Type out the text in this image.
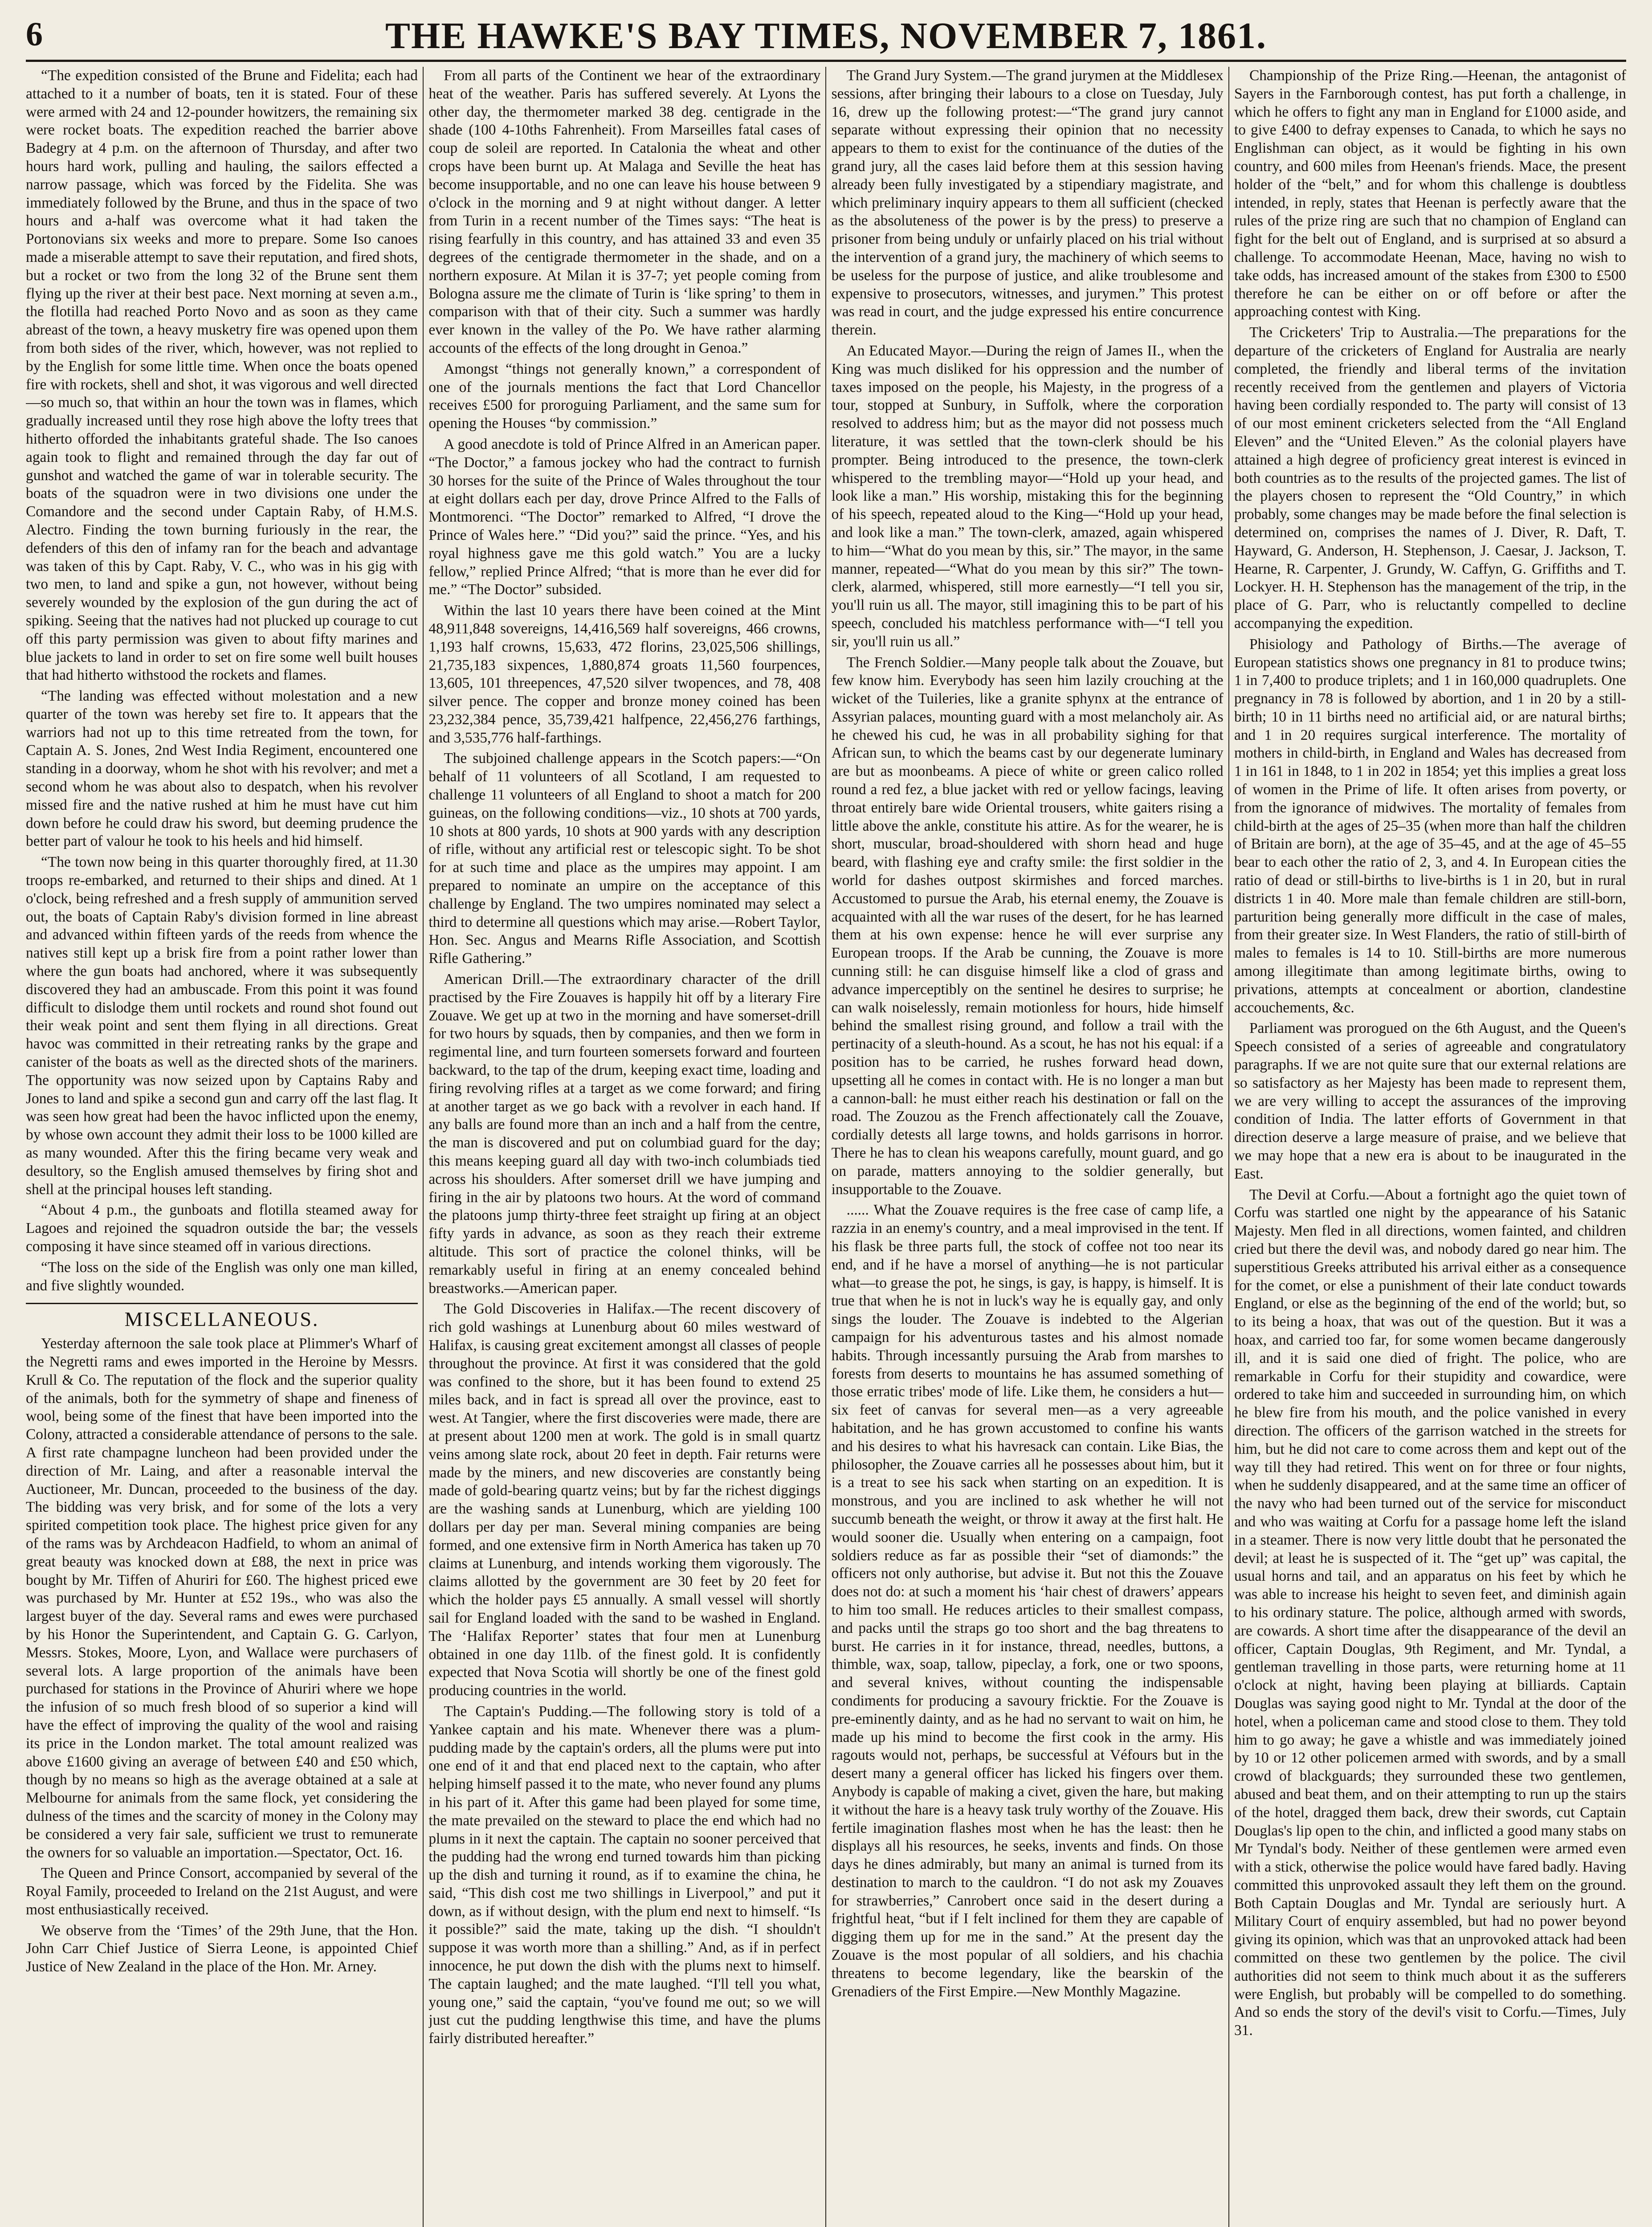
6	THE HAWKE'S BAY TIMES, NOVEMBER 7, 1861.

“The expedition consisted of the Brune and Fidelita; each had attached to it a number of boats, ten it is stated. Four of these were armed with 24 and 12-pounder howitzers, the remaining six were rocket boats. The expedition reached the barrier above Badegry at 4 p.m. on the afternoon of Thursday, and after two hours hard work, pulling and hauling, the sailors effected a narrow passage, which was forced by the Fidelita. She was immediately followed by the Brune, and thus in the space of two hours and a-half was overcome what it had taken the Portonovians six weeks and more to prepare. Some Iso canoes made a miserable attempt to save their reputation, and fired shots, but a rocket or two from the long 32 of the Brune sent them flying up the river at their best pace. Next morning at seven a.m., the flotilla had reached Porto Novo and as soon as they came abreast of the town, a heavy musketry fire was opened upon them from both sides of the river, which, however, was not replied to by the English for some little time. When once the boats opened fire with rockets, shell and shot, it was vigorous and well directed—so much so, that within an hour the town was in flames, which gradually increased until they rose high above the lofty trees that hitherto offorded the inhabitants grateful shade. The Iso canoes again took to flight and remained through the day far out of gunshot and watched the game of war in tolerable security. The boats of the squadron were in two divisions one under the Comandore and the second under Captain Raby, of H.M.S. Alectro. Finding the town burning furiously in the rear, the defenders of this den of infamy ran for the beach and advantage was taken of this by Capt. Raby, V. C., who was in his gig with two men, to land and spike a gun, not however, without being severely wounded by the explosion of the gun during the act of spiking. Seeing that the natives had not plucked up courage to cut off this party permission was given to about fifty marines and blue jackets to land in order to set on fire some well built houses that had hitherto withstood the rockets and flames.

“The landing was effected without molestation and a new quarter of the town was hereby set fire to. It appears that the warriors had not up to this time retreated from the town, for Captain A. S. Jones, 2nd West India Regiment, encountered one standing in a doorway, whom he shot with his revolver; and met a second whom he was about also to despatch, when his revolver missed fire and the native rushed at him he must have cut him down before he could draw his sword, but deeming prudence the better part of valour he took to his heels and hid himself.

“The town now being in this quarter thoroughly fired, at 11.30 troops re-embarked, and returned to their ships and dined. At 1 o'clock, being refreshed and a fresh supply of ammunition served out, the boats of Captain Raby's division formed in line abreast and advanced within fifteen yards of the reeds from whence the natives still kept up a brisk fire from a point rather lower than where the gun boats had anchored, where it was subsequently discovered they had an ambuscade. From this point it was found difficult to dislodge them until rockets and round shot found out their weak point and sent them flying in all directions. Great havoc was committed in their retreating ranks by the grape and canister of the boats as well as the directed shots of the mariners. The opportunity was now seized upon by Captains Raby and Jones to land and spike a second gun and carry off the last flag. It was seen how great had been the havoc inflicted upon the enemy, by whose own account they admit their loss to be 1000 killed are as many wounded. After this the firing became very weak and desultory, so the English amused themselves by firing shot and shell at the principal houses left standing.

“About 4 p.m., the gunboats and flotilla steamed away for Lagoes and rejoined the squadron outside the bar; the vessels composing it have since steamed off in various directions.

“The loss on the side of the English was only one man killed, and five slightly wounded.

MISCELLANEOUS.

Yesterday afternoon the sale took place at Plimmer's Wharf of the Negretti rams and ewes imported in the Heroine by Messrs. Krull & Co. The reputation of the flock and the superior quality of the animals, both for the symmetry of shape and fineness of wool, being some of the finest that have been imported into the Colony, attracted a considerable attendance of persons to the sale. A first rate champagne luncheon had been provided under the direction of Mr. Laing, and after a reasonable interval the Auctioneer, Mr. Duncan, proceeded to the business of the day. The bidding was very brisk, and for some of the lots a very spirited competition took place. The highest price given for any of the rams was by Archdeacon Hadfield, to whom an animal of great beauty was knocked down at £88, the next in price was bought by Mr. Tiffen of Ahuriri for £60. The highest priced ewe was purchased by Mr. Hunter at £52 19s., who was also the largest buyer of the day. Several rams and ewes were purchased by his Honor the Superintendent, and Captain G. G. Carlyon, Messrs. Stokes, Moore, Lyon, and Wallace were purchasers of several lots. A large proportion of the animals have been purchased for stations in the Province of Ahuriri where we hope the infusion of so much fresh blood of so superior a kind will have the effect of improving the quality of the wool and raising its price in the London market. The total amount realized was above £1600 giving an average of between £40 and £50 which, though by no means so high as the average obtained at a sale at Melbourne for animals from the same flock, yet considering the dulness of the times and the scarcity of money in the Colony may be considered a very fair sale, sufficient we trust to remunerate the owners for so valuable an importation.—Spectator, Oct. 16.

The Queen and Prince Consort, accompanied by several of the Royal Family, proceeded to Ireland on the 21st August, and were most enthusiastically received.

We observe from the ‘Times’ of the 29th June, that the Hon. John Carr Chief Justice of Sierra Leone, is appointed Chief Justice of New Zealand in the place of the Hon. Mr. Arney.

From all parts of the Continent we hear of the extraordinary heat of the weather. Paris has suffered severely. At Lyons the other day, the thermometer marked 38 deg. centigrade in the shade (100 4-10ths Fahrenheit). From Marseilles fatal cases of coup de soleil are reported. In Catalonia the wheat and other crops have been burnt up. At Malaga and Seville the heat has become insupportable, and no one can leave his house between 9 o'clock in the morning and 9 at night without danger. A letter from Turin in a recent number of the Times says: “The heat is rising fearfully in this country, and has attained 33 and even 35 degrees of the centigrade thermometer in the shade, and on a northern exposure. At Milan it is 37-7; yet people coming from Bologna assure me the climate of Turin is ‘like spring’ to them in comparison with that of their city. Such a summer was hardly ever known in the valley of the Po. We have rather alarming accounts of the effects of the long drought in Genoa.”

Amongst “things not generally known,” a correspondent of one of the journals mentions the fact that Lord Chancellor receives £500 for proroguing Parliament, and the same sum for opening the Houses “by commission.”

A good anecdote is told of Prince Alfred in an American paper. “The Doctor,” a famous jockey who had the contract to furnish 30 horses for the suite of the Prince of Wales throughout the tour at eight dollars each per day, drove Prince Alfred to the Falls of Montmorenci. “The Doctor” remarked to Alfred, “I drove the Prince of Wales here.” “Did you?” said the prince. “Yes, and his royal highness gave me this gold watch.” You are a lucky fellow,” replied Prince Alfred; “that is more than he ever did for me.” “The Doctor” subsided.

Within the last 10 years there have been coined at the Mint 48,911,848 sovereigns, 14,416,569 half sovereigns, 466 crowns, 1,193 half crowns, 15,633, 472 florins, 23,025,506 shillings, 21,735,183 sixpences, 1,880,874 groats 11,560 fourpences, 13,605, 101 threepences, 47,520 silver twopences, and 78, 408 silver pence. The copper and bronze money coined has been 23,232,384 pence, 35,739,421 halfpence, 22,456,276 farthings, and 3,535,776 half-farthings.

The subjoined challenge appears in the Scotch papers:—“On behalf of 11 volunteers of all Scotland, I am requested to challenge 11 volunteers of all England to shoot a match for 200 guineas, on the following conditions—viz., 10 shots at 700 yards, 10 shots at 800 yards, 10 shots at 900 yards with any description of rifle, without any artificial rest or telescopic sight. To be shot for at such time and place as the umpires may appoint. I am prepared to nominate an umpire on the acceptance of this challenge by England. The two umpires nominated may select a third to determine all questions which may arise.—Robert Taylor, Hon. Sec. Angus and Mearns Rifle Association, and Scottish Rifle Gathering.”

American Drill.—The extraordinary character of the drill practised by the Fire Zouaves is happily hit off by a literary Fire Zouave. We get up at two in the morning and have somerset-drill for two hours by squads, then by companies, and then we form in regimental line, and turn fourteen somersets forward and fourteen backward, to the tap of the drum, keeping exact time, loading and firing revolving rifles at a target as we come forward; and firing at another target as we go back with a revolver in each hand. If any balls are found more than an inch and a half from the centre, the man is discovered and put on columbiad guard for the day; this means keeping guard all day with two-inch columbiads tied across his shoulders. After somerset drill we have jumping and firing in the air by platoons two hours. At the word of command the platoons jump thirty-three feet straight up firing at an object fifty yards in advance, as soon as they reach their extreme altitude. This sort of practice the colonel thinks, will be remarkably useful in firing at an enemy concealed behind breastworks.—American paper.

The Gold Discoveries in Halifax.—The recent discovery of rich gold washings at Lunenburg about 60 miles westward of Halifax, is causing great excitement amongst all classes of people throughout the province. At first it was considered that the gold was confined to the shore, but it has been found to extend 25 miles back, and in fact is spread all over the province, east to west. At Tangier, where the first discoveries were made, there are at present about 1200 men at work. The gold is in small quartz veins among slate rock, about 20 feet in depth. Fair returns were made by the miners, and new discoveries are constantly being made of gold-bearing quartz veins; but by far the richest diggings are the washing sands at Lunenburg, which are yielding 100 dollars per day per man. Several mining companies are being formed, and one extensive firm in North America has taken up 70 claims at Lunenburg, and intends working them vigorously. The claims allotted by the government are 30 feet by 20 feet for which the holder pays £5 annually. A small vessel will shortly sail for England loaded with the sand to be washed in England. The ‘Halifax Reporter’ states that four men at Lunenburg obtained in one day 11lb. of the finest gold. It is confidently expected that Nova Scotia will shortly be one of the finest gold producing countries in the world.

The Captain's Pudding.—The following story is told of a Yankee captain and his mate. Whenever there was a plum-pudding made by the captain's orders, all the plums were put into one end of it and that end placed next to the captain, who after helping himself passed it to the mate, who never found any plums in his part of it. After this game had been played for some time, the mate prevailed on the steward to place the end which had no plums in it next the captain. The captain no sooner perceived that the pudding had the wrong end turned towards him than picking up the dish and turning it round, as if to examine the china, he said, “This dish cost me two shillings in Liverpool,” and put it down, as if without design, with the plum end next to himself. “Is it possible?” said the mate, taking up the dish. “I shouldn't suppose it was worth more than a shilling.” And, as if in perfect innocence, he put down the dish with the plums next to himself. The captain laughed; and the mate laughed. “I'll tell you what, young one,” said the captain, “you've found me out; so we will just cut the pudding lengthwise this time, and have the plums fairly distributed hereafter.”

The Grand Jury System.—The grand jurymen at the Middlesex sessions, after bringing their labours to a close on Tuesday, July 16, drew up the following protest:—“The grand jury cannot separate without expressing their opinion that no necessity appears to them to exist for the continuance of the duties of the grand jury, all the cases laid before them at this session having already been fully investigated by a stipendiary magistrate, and which preliminary inquiry appears to them all sufficient (checked as the absoluteness of the power is by the press) to preserve a prisoner from being unduly or unfairly placed on his trial without the intervention of a grand jury, the machinery of which seems to be useless for the purpose of justice, and alike troublesome and expensive to prosecutors, witnesses, and jurymen.” This protest was read in court, and the judge expressed his entire concurrence therein.

An Educated Mayor.—During the reign of James II., when the King was much disliked for his oppression and the number of taxes imposed on the people, his Majesty, in the progress of a tour, stopped at Sunbury, in Suffolk, where the corporation resolved to address him; but as the mayor did not possess much literature, it was settled that the town-clerk should be his prompter. Being introduced to the presence, the town-clerk whispered to the trembling mayor—“Hold up your head, and look like a man.” His worship, mistaking this for the beginning of his speech, repeated aloud to the King—“Hold up your head, and look like a man.” The town-clerk, amazed, again whispered to him—“What do you mean by this, sir.” The mayor, in the same manner, repeated—“What do you mean by this sir?” The town-clerk, alarmed, whispered, still more earnestly—“I tell you sir, you'll ruin us all. The mayor, still imagining this to be part of his speech, concluded his matchless performance with—“I tell you sir, you'll ruin us all.”

The French Soldier.—Many people talk about the Zouave, but few know him. Everybody has seen him lazily crouching at the wicket of the Tuileries, like a granite sphynx at the entrance of Assyrian palaces, mounting guard with a most melancholy air. As he chewed his cud, he was in all probability sighing for that African sun, to which the beams cast by our degenerate luminary are but as moonbeams. A piece of white or green calico rolled round a red fez, a blue jacket with red or yellow facings, leaving throat entirely bare wide Oriental trousers, white gaiters rising a little above the ankle, constitute his attire. As for the wearer, he is short, muscular, broad-shouldered with shorn head and huge beard, with flashing eye and crafty smile: the first soldier in the world for dashes outpost skirmishes and forced marches. Accustomed to pursue the Arab, his eternal enemy, the Zouave is acquainted with all the war ruses of the desert, for he has learned them at his own expense: hence he will ever surprise any European troops. If the Arab be cunning, the Zouave is more cunning still: he can disguise himself like a clod of grass and advance imperceptibly on the sentinel he desires to surprise; he can walk noiselessly, remain motionless for hours, hide himself behind the smallest rising ground, and follow a trail with the pertinacity of a sleuth-hound. As a scout, he has not his equal: if a position has to be carried, he rushes forward head down, upsetting all he comes in contact with. He is no longer a man but a cannon-ball: he must either reach his destination or fall on the road. The Zouzou as the French affectionately call the Zouave, cordially detests all large towns, and holds garrisons in horror. There he has to clean his weapons carefully, mount guard, and go on parade, matters annoying to the soldier generally, but insupportable to the Zouave.

...... What the Zouave requires is the free case of camp life, a razzia in an enemy's country, and a meal improvised in the tent. If his flask be three parts full, the stock of coffee not too near its end, and if he have a morsel of anything—he is not particular what—to grease the pot, he sings, is gay, is happy, is himself. It is true that when he is not in luck's way he is equally gay, and only sings the louder. The Zouave is indebted to the Algerian campaign for his adventurous tastes and his almost nomade habits. Through incessantly pursuing the Arab from marshes to forests from deserts to mountains he has assumed something of those erratic tribes' mode of life. Like them, he considers a hut—six feet of canvas for several men—as a very agreeable habitation, and he has grown accustomed to confine his wants and his desires to what his havresack can contain. Like Bias, the philosopher, the Zouave carries all he possesses about him, but it is a treat to see his sack when starting on an expedition. It is monstrous, and you are inclined to ask whether he will not succumb beneath the weight, or throw it away at the first halt. He would sooner die. Usually when entering on a campaign, foot soldiers reduce as far as possible their “set of diamonds:” the officers not only authorise, but advise it. But not this the Zouave does not do: at such a moment his ‘hair chest of drawers’ appears to him too small. He reduces articles to their smallest compass, and packs until the straps go too short and the bag threatens to burst. He carries in it for instance, thread, needles, buttons, a thimble, wax, soap, tallow, pipeclay, a fork, one or two spoons, and several knives, without counting the indispensable condiments for producing a savoury fricktie. For the Zouave is pre-eminently dainty, and as he had no servant to wait on him, he made up his mind to become the first cook in the army. His ragouts would not, perhaps, be successful at Véfours but in the desert many a general officer has licked his fingers over them. Anybody is capable of making a civet, given the hare, but making it without the hare is a heavy task truly worthy of the Zouave. His fertile imagination flashes most when he has the least: then he displays all his resources, he seeks, invents and finds. On those days he dines admirably, but many an animal is turned from its destination to march to the cauldron. “I do not ask my Zouaves for strawberries,” Canrobert once said in the desert during a frightful heat, “but if I felt inclined for them they are capable of digging them up for me in the sand.” At the present day the Zouave is the most popular of all soldiers, and his chachia threatens to become legendary, like the bearskin of the Grenadiers of the First Empire.—New Monthly Magazine.

Championship of the Prize Ring.—Heenan, the antagonist of Sayers in the Farnborough contest, has put forth a challenge, in which he offers to fight any man in England for £1000 aside, and to give £400 to defray expenses to Canada, to which he says no Englishman can object, as it would be fighting in his own country, and 600 miles from Heenan's friends. Mace, the present holder of the “belt,” and for whom this challenge is doubtless intended, in reply, states that Heenan is perfectly aware that the rules of the prize ring are such that no champion of England can fight for the belt out of England, and is surprised at so absurd a challenge. To accommodate Heenan, Mace, having no wish to take odds, has increased amount of the stakes from £300 to £500 therefore he can be either on or off before or after the approaching contest with King.

The Cricketers' Trip to Australia.—The preparations for the departure of the cricketers of England for Australia are nearly completed, the friendly and liberal terms of the invitation recently received from the gentlemen and players of Victoria having been cordially responded to. The party will consist of 13 of our most eminent cricketers selected from the “All England Eleven” and the “United Eleven.” As the colonial players have attained a high degree of proficiency great interest is evinced in both countries as to the results of the projected games. The list of the players chosen to represent the “Old Country,” in which probably, some changes may be made before the final selection is determined on, comprises the names of J. Diver, R. Daft, T. Hayward, G. Anderson, H. Stephenson, J. Caesar, J. Jackson, T. Hearne, R. Carpenter, J. Grundy, W. Caffyn, G. Griffiths and T. Lockyer. H. H. Stephenson has the management of the trip, in the place of G. Parr, who is reluctantly compelled to decline accompanying the expedition.

Phisiology and Pathology of Births.—The average of European statistics shows one pregnancy in 81 to produce twins; 1 in 7,400 to produce triplets; and 1 in 160,000 quadruplets. One pregnancy in 78 is followed by abortion, and 1 in 20 by a still-birth; 10 in 11 births need no artificial aid, or are natural births; and 1 in 20 requires surgical interference. The mortality of mothers in child-birth, in England and Wales has decreased from 1 in 161 in 1848, to 1 in 202 in 1854; yet this implies a great loss of women in the Prime of life. It often arises from poverty, or from the ignorance of midwives. The mortality of females from child-birth at the ages of 25–35 (when more than half the children of Britain are born), at the age of 35–45, and at the age of 45–55 bear to each other the ratio of 2, 3, and 4. In European cities the ratio of dead or still-births to live-births is 1 in 20, but in rural districts 1 in 40. More male than female children are still-born, parturition being generally more difficult in the case of males, from their greater size. In West Flanders, the ratio of still-birth of males to females is 14 to 10. Still-births are more numerous among illegitimate than among legitimate births, owing to privations, attempts at concealment or abortion, clandestine accouchements, &c.

Parliament was prorogued on the 6th August, and the Queen's Speech consisted of a series of agreeable and congratulatory paragraphs. If we are not quite sure that our external relations are so satisfactory as her Majesty has been made to represent them, we are very willing to accept the assurances of the improving condition of India. The latter efforts of Government in that direction deserve a large measure of praise, and we believe that we may hope that a new era is about to be inaugurated in the East.

The Devil at Corfu.—About a fortnight ago the quiet town of Corfu was startled one night by the appearance of his Satanic Majesty. Men fled in all directions, women fainted, and children cried but there the devil was, and nobody dared go near him. The superstitious Greeks attributed his arrival either as a consequence for the comet, or else a punishment of their late conduct towards England, or else as the beginning of the end of the world; but, so to its being a hoax, that was out of the question. But it was a hoax, and carried too far, for some women became dangerously ill, and it is said one died of fright. The police, who are remarkable in Corfu for their stupidity and cowardice, were ordered to take him and succeeded in surrounding him, on which he blew fire from his mouth, and the police vanished in every direction. The officers of the garrison watched in the streets for him, but he did not care to come across them and kept out of the way till they had retired. This went on for three or four nights, when he suddenly disappeared, and at the same time an officer of the navy who had been turned out of the service for misconduct and who was waiting at Corfu for a passage home left the island in a steamer. There is now very little doubt that he personated the devil; at least he is suspected of it. The “get up” was capital, the usual horns and tail, and an apparatus on his feet by which he was able to increase his height to seven feet, and diminish again to his ordinary stature. The police, although armed with swords, are cowards. A short time after the disappearance of the devil an officer, Captain Douglas, 9th Regiment, and Mr. Tyndal, a gentleman travelling in those parts, were returning home at 11 o'clock at night, having been playing at billiards. Captain Douglas was saying good night to Mr. Tyndal at the door of the hotel, when a policeman came and stood close to them. They told him to go away; he gave a whistle and was immediately joined by 10 or 12 other policemen armed with swords, and by a small crowd of blackguards; they surrounded these two gentlemen, abused and beat them, and on their attempting to run up the stairs of the hotel, dragged them back, drew their swords, cut Captain Douglas's lip open to the chin, and inflicted a good many stabs on Mr Tyndal's body. Neither of these gentlemen were armed even with a stick, otherwise the police would have fared badly. Having committed this unprovoked assault they left them on the ground. Both Captain Douglas and Mr. Tyndal are seriously hurt. A Military Court of enquiry assembled, but had no power beyond giving its opinion, which was that an unprovoked attack had been committed on these two gentlemen by the police. The civil authorities did not seem to think much about it as the sufferers were English, but probably will be compelled to do something. And so ends the story of the devil's visit to Corfu.—Times, July 31.
